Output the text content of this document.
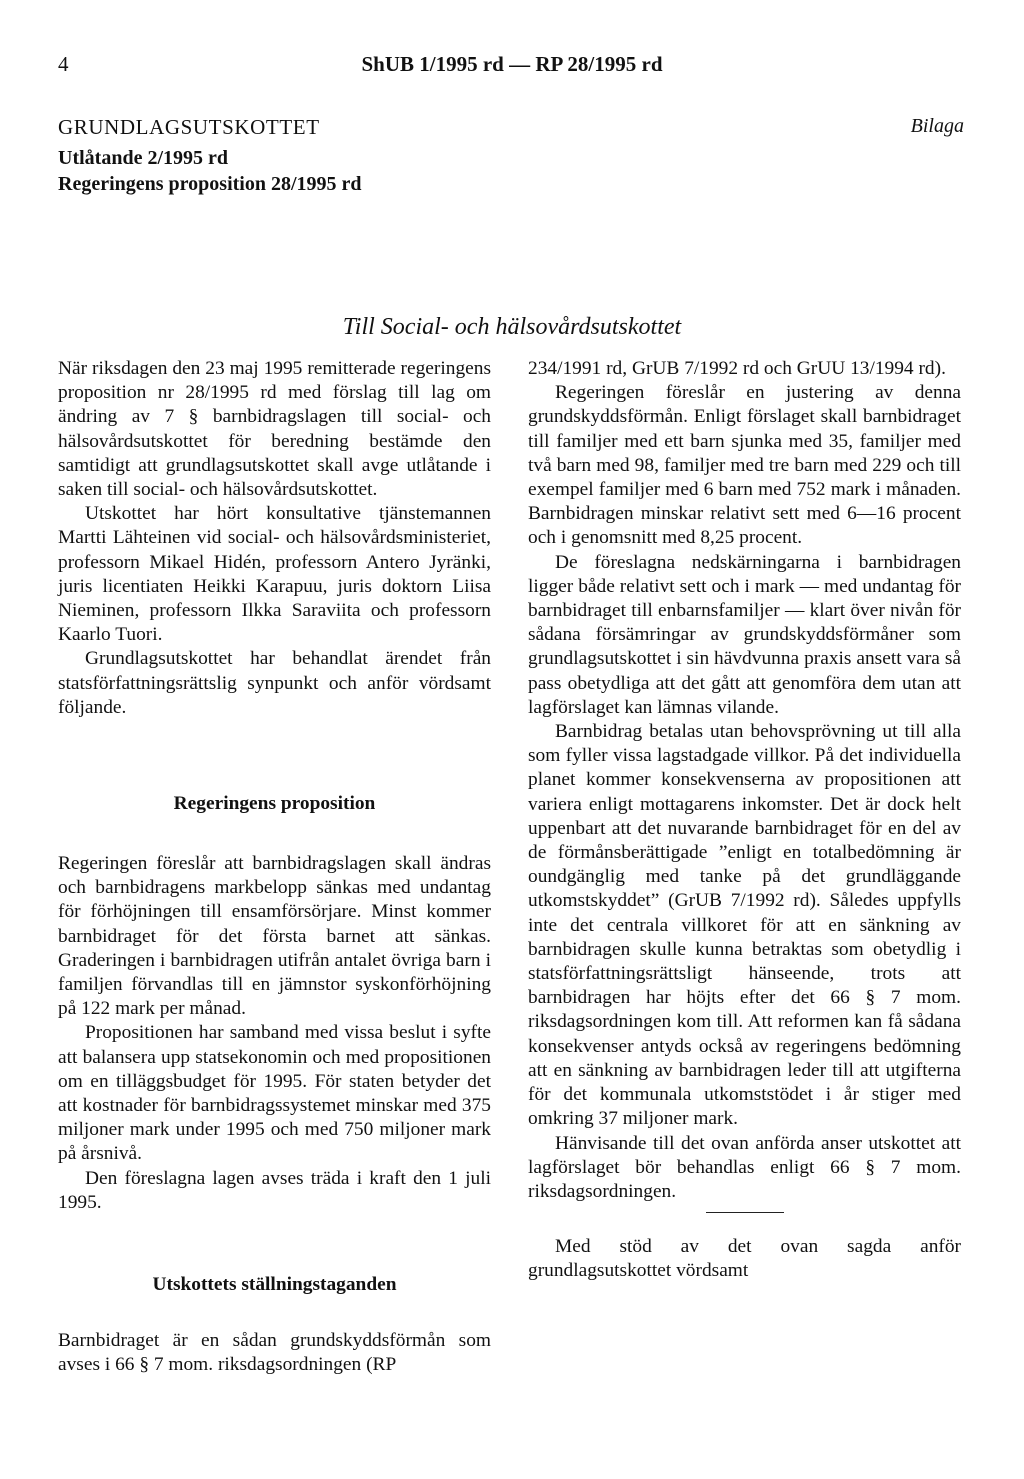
4	ShUB 1/1995 rd — RP 28/1995 rd
GRUNDLAGSUTSKOTTET	Bilaga
Utlåtande 2/1995 rd
Regeringens proposition 28/1995 rd
Till Social- och hälsovårdsutskottet

När riksdagen den 23 maj 1995 remitterade regeringens proposition nr 28/1995 rd med förslag till lag om ändring av 7 § barnbidragslagen till social- och hälsovårdsutskottet för beredning bestämde den samtidigt att grundlagsutskottet skall avge utlåtande i saken till social- och hälsovårdsutskottet.

Utskottet har hört konsultative tjänstemannen Martti Lähteinen vid social- och hälsovårdsministeriet, professorn Mikael Hidén, professorn Antero Jyränki, juris licentiaten Heikki Karapuu, juris doktorn Liisa Nieminen, professorn Ilkka Saraviita och professorn Kaarlo Tuori.

Grundlagsutskottet har behandlat ärendet från statsförfattningsrättslig synpunkt och anför vördsamt följande.

Regeringens proposition

Regeringen föreslår att barnbidragslagen skall ändras och barnbidragens markbelopp sänkas med undantag för förhöjningen till ensamförsörjare. Minst kommer barnbidraget för det första barnet att sänkas. Graderingen i barnbidragen utifrån antalet övriga barn i familjen förvandlas till en jämnstor syskonförhöjning på 122 mark per månad.

Propositionen har samband med vissa beslut i syfte att balansera upp statsekonomin och med propositionen om en tilläggsbudget för 1995. För staten betyder det att kostnader för barnbidragssystemet minskar med 375 miljoner mark under 1995 och med 750 miljoner mark på årsnivå.

Den föreslagna lagen avses träda i kraft den 1 juli 1995.

Utskottets ställningstaganden

Barnbidraget är en sådan grundskyddsförmån som avses i 66 § 7 mom. riksdagsordningen (RP

234/1991 rd, GrUB 7/1992 rd och GrUU 13/1994 rd).

Regeringen föreslår en justering av denna grundskyddsförmån. Enligt förslaget skall barnbidraget till familjer med ett barn sjunka med 35, familjer med två barn med 98, familjer med tre barn med 229 och till exempel familjer med 6 barn med 752 mark i månaden. Barnbidragen minskar relativt sett med 6—16 procent och i genomsnitt med 8,25 procent.

De föreslagna nedskärningarna i barnbidragen ligger både relativt sett och i mark — med undantag för barnbidraget till enbarnsfamiljer — klart över nivån för sådana försämringar av grundskyddsförmåner som grundlagsutskottet i sin hävdvunna praxis ansett vara så pass obetydliga att det gått att genomföra dem utan att lagförslaget kan lämnas vilande.

Barnbidrag betalas utan behovsprövning ut till alla som fyller vissa lagstadgade villkor. På det individuella planet kommer konsekvenserna av propositionen att variera enligt mottagarens inkomster. Det är dock helt uppenbart att det nuvarande barnbidraget för en del av de förmånsberättigade ”enligt en totalbedömning är oundgänglig med tanke på det grundläggande utkomstskyddet” (GrUB 7/1992 rd). Således uppfylls inte det centrala villkoret för att en sänkning av barnbidragen skulle kunna betraktas som obetydlig i statsförfattningsrättsligt hänseende, trots att barnbidragen har höjts efter det 66 § 7 mom. riksdagsordningen kom till. Att reformen kan få sådana konsekvenser antyds också av regeringens bedömning att en sänkning av barnbidragen leder till att utgifterna för det kommunala utkomststödet i år stiger med omkring 37 miljoner mark.

Hänvisande till det ovan anförda anser utskottet att lagförslaget bör behandlas enligt 66 § 7 mom. riksdagsordningen.

Med stöd av det ovan sagda anför grundlagsutskottet vördsamt
